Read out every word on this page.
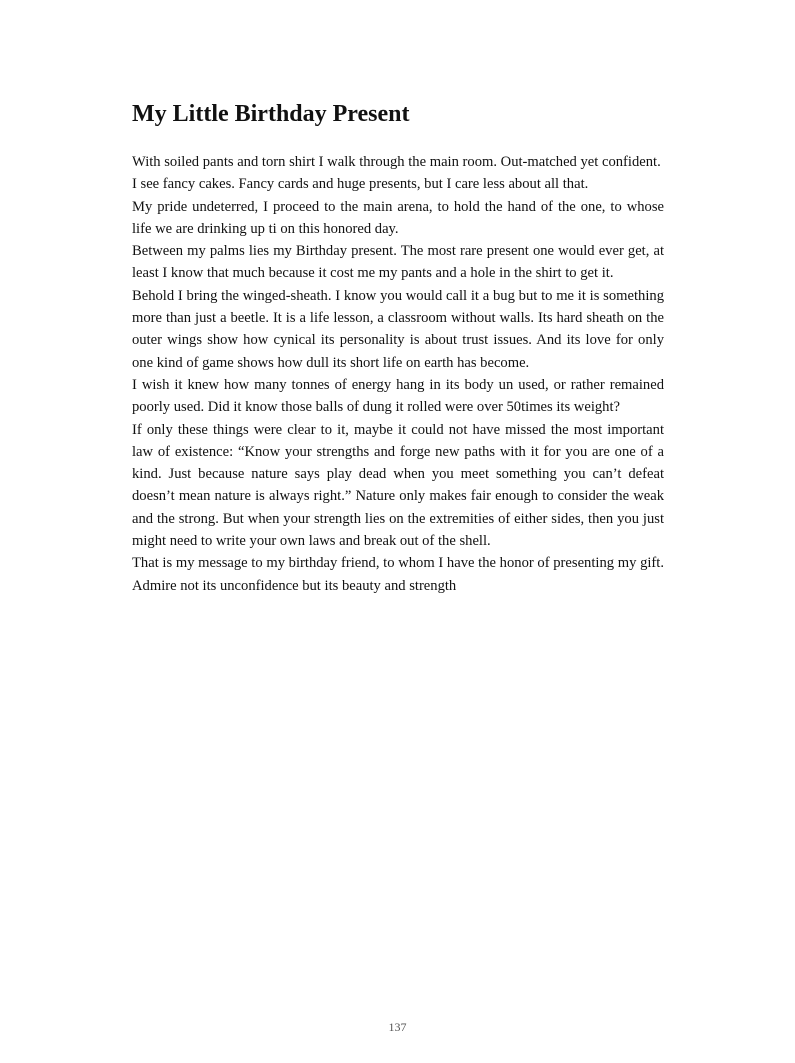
My Little Birthday Present

With soiled pants and torn shirt I walk through the main room. Out-matched yet confident.

I see fancy cakes. Fancy cards and huge presents, but I care less about all that.

My pride undeterred, I proceed to the main arena, to hold the hand of the one, to whose life we are drinking up ti on this honored day.

Between my palms lies my Birthday present. The most rare present one would ever get, at least I know that much because it cost me my pants and a hole in the shirt to get it.

Behold I bring the winged-sheath. I know you would call it a bug but to me it is something more than just a beetle. It is a life lesson, a classroom without walls. Its hard sheath on the outer wings show how cynical its personality is about trust issues. And its love for only one kind of game shows how dull its short life on earth has become.

I wish it knew how many tonnes of energy hang in its body un used, or rather remained poorly used. Did it know those balls of dung it rolled were over 50times its weight?

If only these things were clear to it, maybe it could not have missed the most important law of existence: “Know your strengths and forge new paths with it for you are one of a kind. Just because nature says play dead when you meet something you can’t defeat doesn’t mean nature is always right.” Nature only makes fair enough to consider the weak and the strong. But when your strength lies on the extremities of either sides, then you just might need to write your own laws and break out of the shell.

That is my message to my birthday friend, to whom I have the honor of presenting my gift. Admire not its unconfidence but its beauty and strength

137
